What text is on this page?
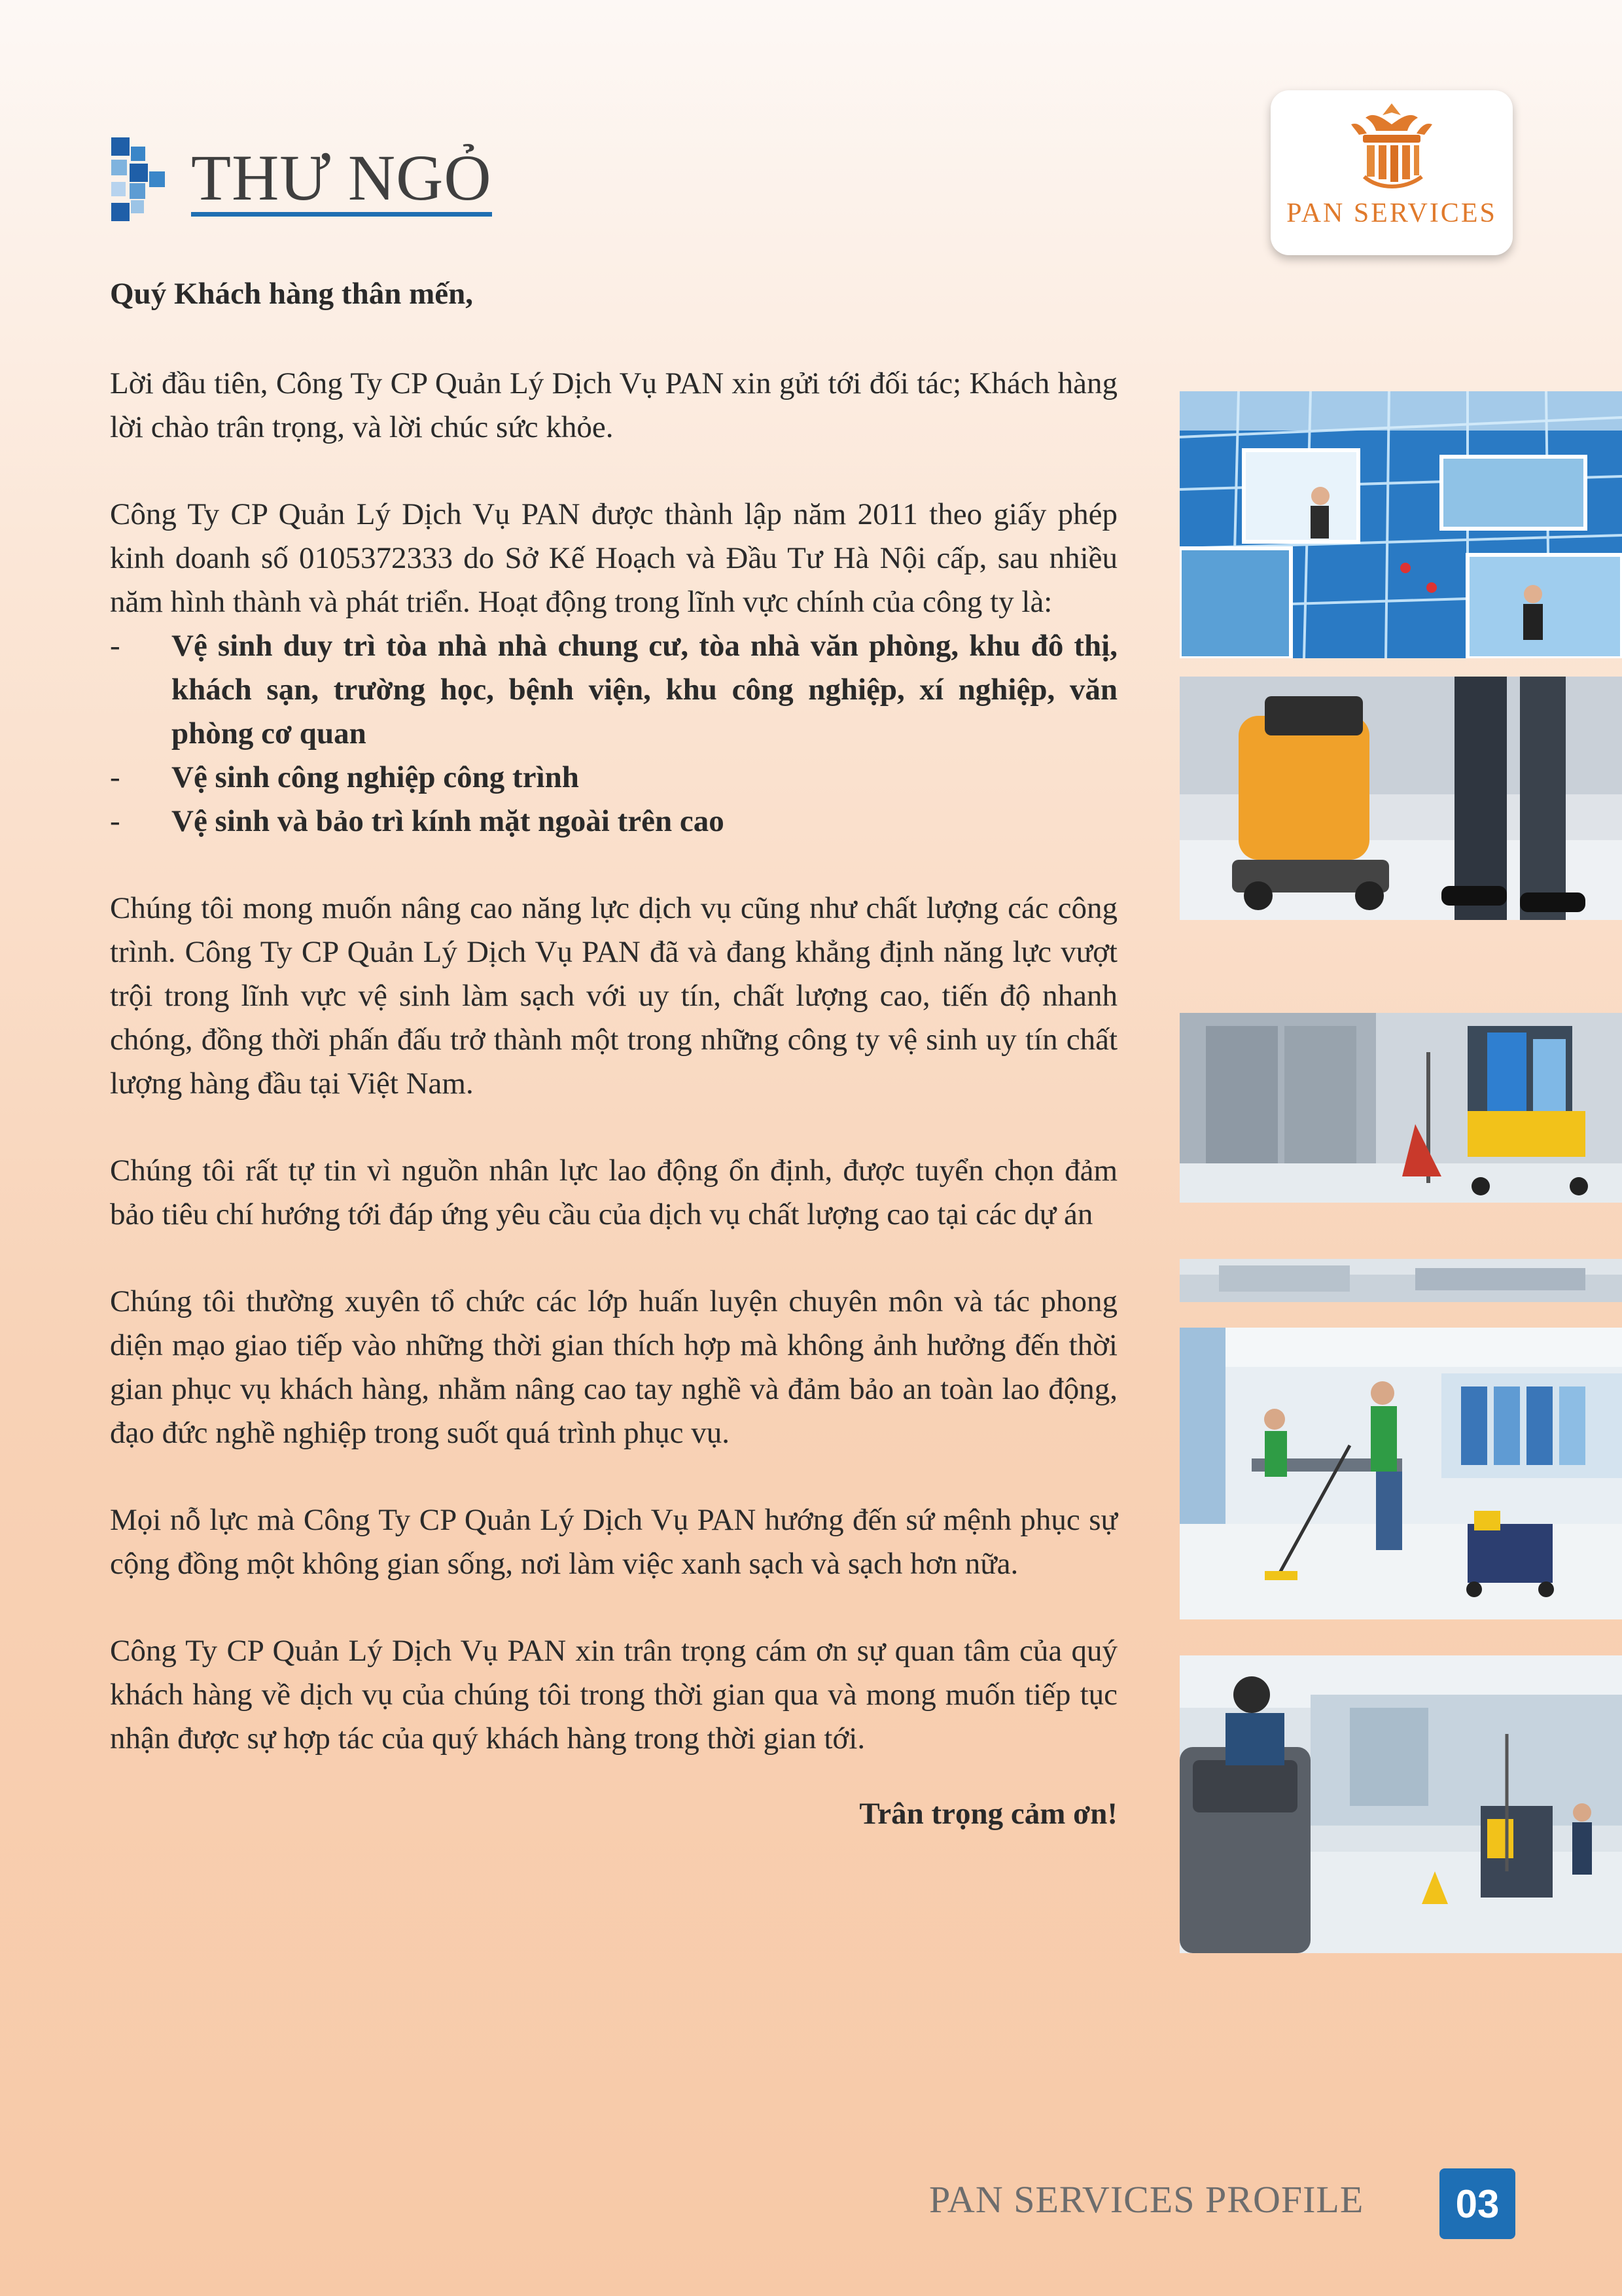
THƯ NGỎ	PAN SERVICES
Quý Khách hàng thân mến,

Lời đầu tiên, Công Ty CP Quản Lý Dịch Vụ PAN xin gửi tới đối tác; Khách hàng lời chào trân trọng, và lời chúc sức khỏe.

Công Ty CP Quản Lý Dịch Vụ PAN được thành lập năm 2011 theo giấy phép kinh doanh số 0105372333 do Sở Kế Hoạch và Đầu Tư Hà Nội cấp, sau nhiều năm hình thành và phát triển. Hoạt động trong lĩnh vực chính của công ty là:

- Vệ sinh duy trì tòa nhà nhà chung cư, tòa nhà văn phòng, khu đô thị, khách sạn, trường học, bệnh viện, khu công nghiệp, xí nghiệp, văn phòng cơ quan
- Vệ sinh công nghiệp công trình
- Vệ sinh và bảo trì kính mặt ngoài trên cao

Chúng tôi mong muốn nâng cao năng lực dịch vụ cũng như chất lượng các công trình. Công Ty CP Quản Lý Dịch Vụ PAN đã và đang khẳng định năng lực vượt trội trong lĩnh vực vệ sinh làm sạch với uy tín, chất lượng cao, tiến độ nhanh chóng, đồng thời phấn đấu trở thành một trong những công ty vệ sinh uy tín chất lượng hàng đầu tại Việt Nam.

Chúng tôi rất tự tin vì nguồn nhân lực lao động ổn định, được tuyển chọn đảm bảo tiêu chí hướng tới đáp ứng yêu cầu của dịch vụ chất lượng cao tại các dự án

Chúng tôi thường xuyên tổ chức các lớp huấn luyện chuyên môn và tác phong diện mạo giao tiếp vào những thời gian thích hợp mà không ảnh hưởng đến thời gian phục vụ khách hàng, nhằm nâng cao tay nghề và đảm bảo an toàn lao động, đạo đức nghề nghiệp trong suốt quá trình phục vụ.

Mọi nỗ lực mà Công Ty CP Quản Lý Dịch Vụ PAN hướng đến sứ mệnh phục sự cộng đồng một không gian sống, nơi làm việc xanh sạch và sạch hơn nữa.

Công Ty CP Quản Lý Dịch Vụ PAN xin trân trọng cám ơn sự quan tâm của quý khách hàng về dịch vụ của chúng tôi trong thời gian qua và mong muốn tiếp tục nhận được sự hợp tác của quý khách hàng trong thời gian tới.

Trân trọng cảm ơn!
PAN SERVICES PROFILE	03
